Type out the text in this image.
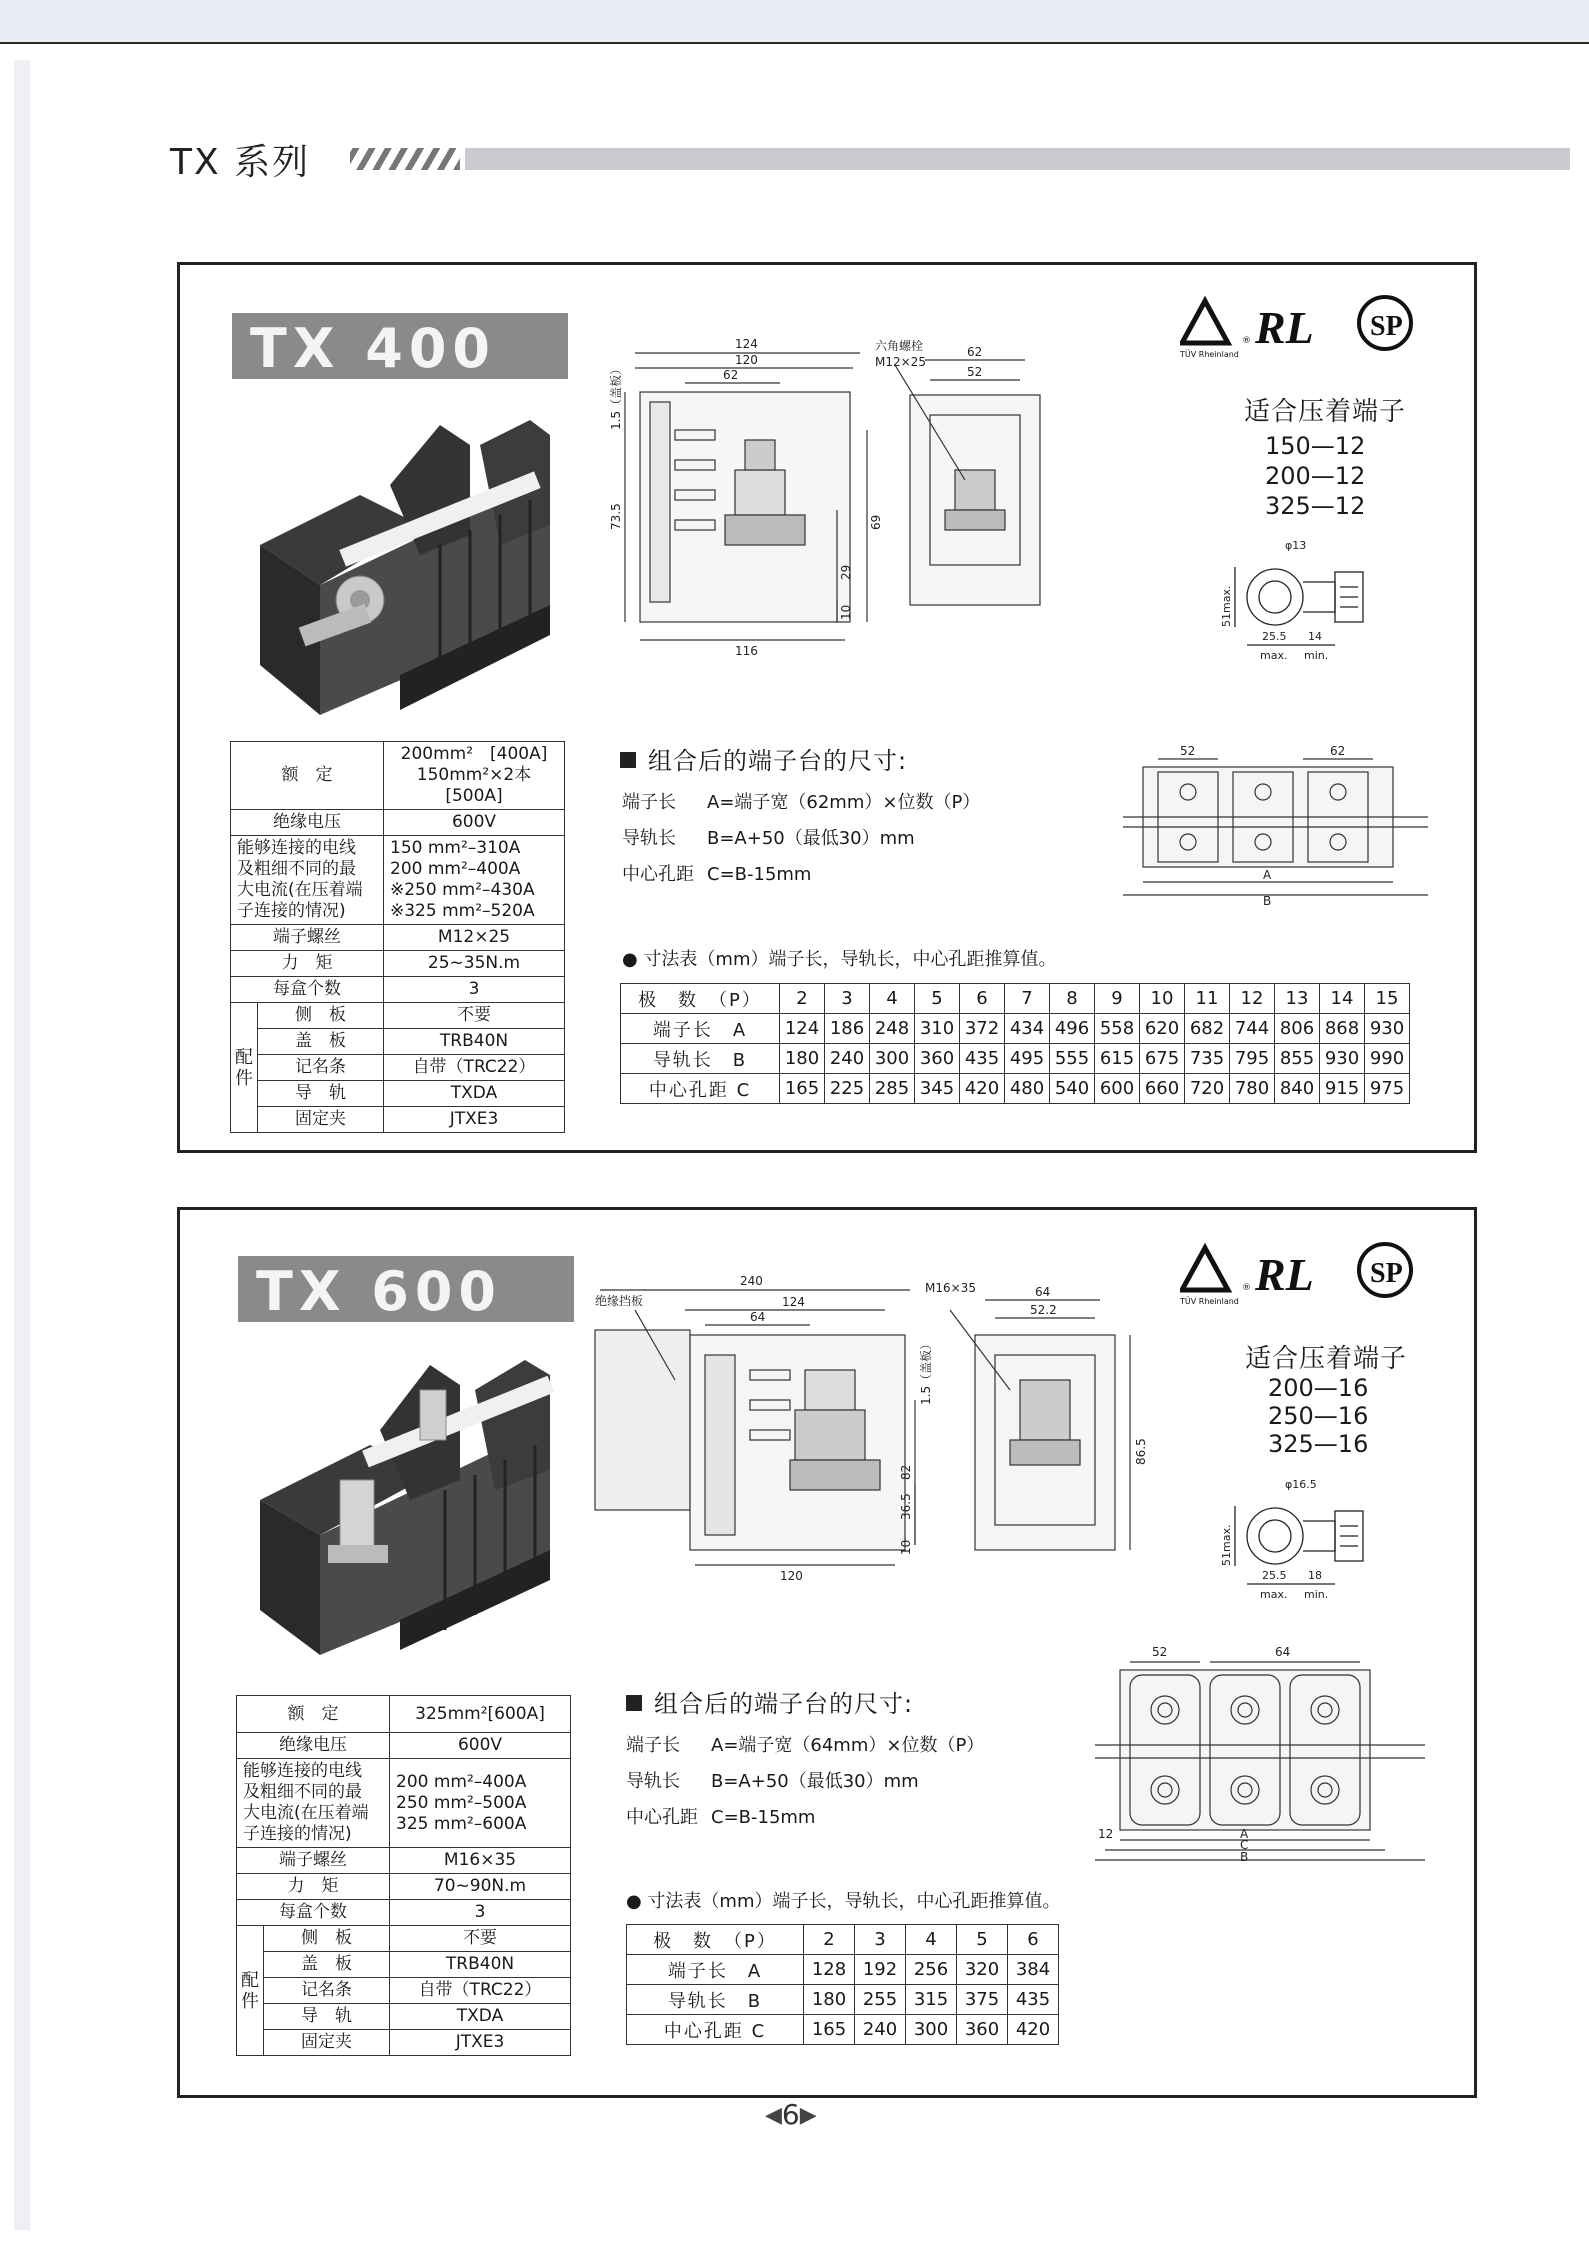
TX 系列
TX 400	124
120
62
116
1.5（盖板）
73.5	69
29
10
六角螺栓
M12×25
62
52
TÜV Rheinland
® RL SP
适合压着端子
150—12
200—12
325—12
φ13
51max.
25.5 14
max. min.
额　定		200mm²　[400A]
150mm²×2本[500A]
绝缘电压		600V
能够连接的电线
及粗细不同的最
大电流(在压着端
子连接的情况)		150 mm²–310A
200 mm²–400A
※250 mm²–430A
※325 mm²–520A
端子螺丝		M12×25
力　矩		25~35N.m
每盒个数		3
配
件	侧　板	不要
	盖　板	TRB40N
	记名条	自带（TRC22）
	导　轨	TXDA
	固定夹	JTXE3
组合后的端子台的尺寸:
端子长 A=端子宽（62mm）×位数（P）
导轨长 B=A+50（最低30）mm
中心孔距 C=B-15mm
52	62
A
B
● 寸法表（mm）端子长，导轨长，中心孔距推算值。
极　数　（P）	2	3	4	5	6	7	8	9	10	11	12	13	14	15
端子长　A	124	186	248	310	372	434	496	558	620	682	744	806	868	930
导轨长　B	180	240	300	360	435	495	555	615	675	735	795	855	930	990
中心孔距 C	165	225	285	345	420	480	540	600	660	720	780	840	915	975
TX 600	240
124
64
120
绝缘挡板
1.5（盖板）
82
36.5
10
M16×35	64
52.2
86.5
TÜV Rheinland
® RL SP
适合压着端子
200—16
250—16
325—16
φ16.5
51max.
25.5 18
max. min.
额　定		325mm²[600A]
绝缘电压		600V
能够连接的电线
及粗细不同的最
大电流(在压着端
子连接的情况)		200 mm²–400A
250 mm²–500A
325 mm²–600A
端子螺丝		M16×35
力　矩		70~90N.m
每盒个数		3
配
件	侧　板	不要
	盖　板	TRB40N
	记名条	自带（TRC22）
	导　轨	TXDA
	固定夹	JTXE3
组合后的端子台的尺寸:
端子长 A=端子宽（64mm）×位数（P）
导轨长 B=A+50（最低30）mm
中心孔距 C=B-15mm
52	64
12	A
C
B
● 寸法表（mm）端子长，导轨长，中心孔距推算值。
极　数　（P）	2	3	4	5	6
端子长　A	128	192	256	320	384
导轨长　B	180	255	315	375	435
中心孔距 C	165	240	300	360	420
◀6▶
